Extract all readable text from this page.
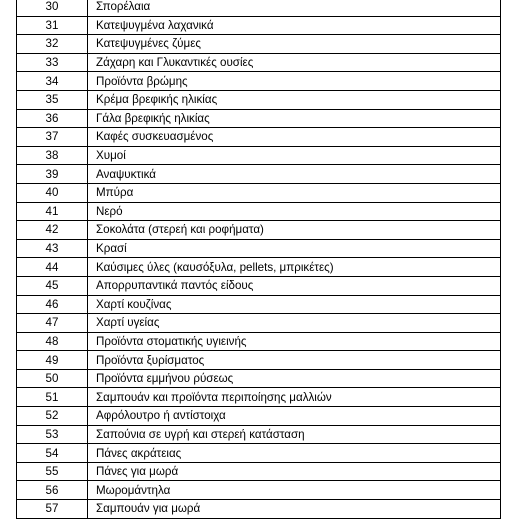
30	Σπορέλαια
31	Κατεψυγμένα λαχανικά
32	Κατεψυγμένες ζύμες
33	Ζάχαρη και Γλυκαντικές ουσίες
34	Προϊόντα βρώμης
35	Κρέμα βρεφικής ηλικίας
36	Γάλα βρεφικής ηλικίας
37	Καφές συσκευασμένος
38	Χυμοί
39	Αναψυκτικά
40	Μπύρα
41	Νερό
42	Σοκολάτα (στερεή και ροφήματα)
43	Κρασί
44	Καύσιμες ύλες (καυσόξυλα, pellets, μπρικέτες)
45	Απορρυπαντικά παντός είδους
46	Χαρτί κουζίνας
47	Χαρτί υγείας
48	Προϊόντα στοματικής υγιεινής
49	Προϊόντα ξυρίσματος
50	Προϊόντα εμμήνου ρύσεως
51	Σαμπουάν και προϊόντα περιποίησης μαλλιών
52	Αφρόλουτρο ή αντίστοιχα
53	Σαπούνια σε υγρή και στερεή κατάσταση
54	Πάνες ακράτειας
55	Πάνες για μωρά
56	Μωρομάντηλα
57	Σαμπουάν για μωρά
